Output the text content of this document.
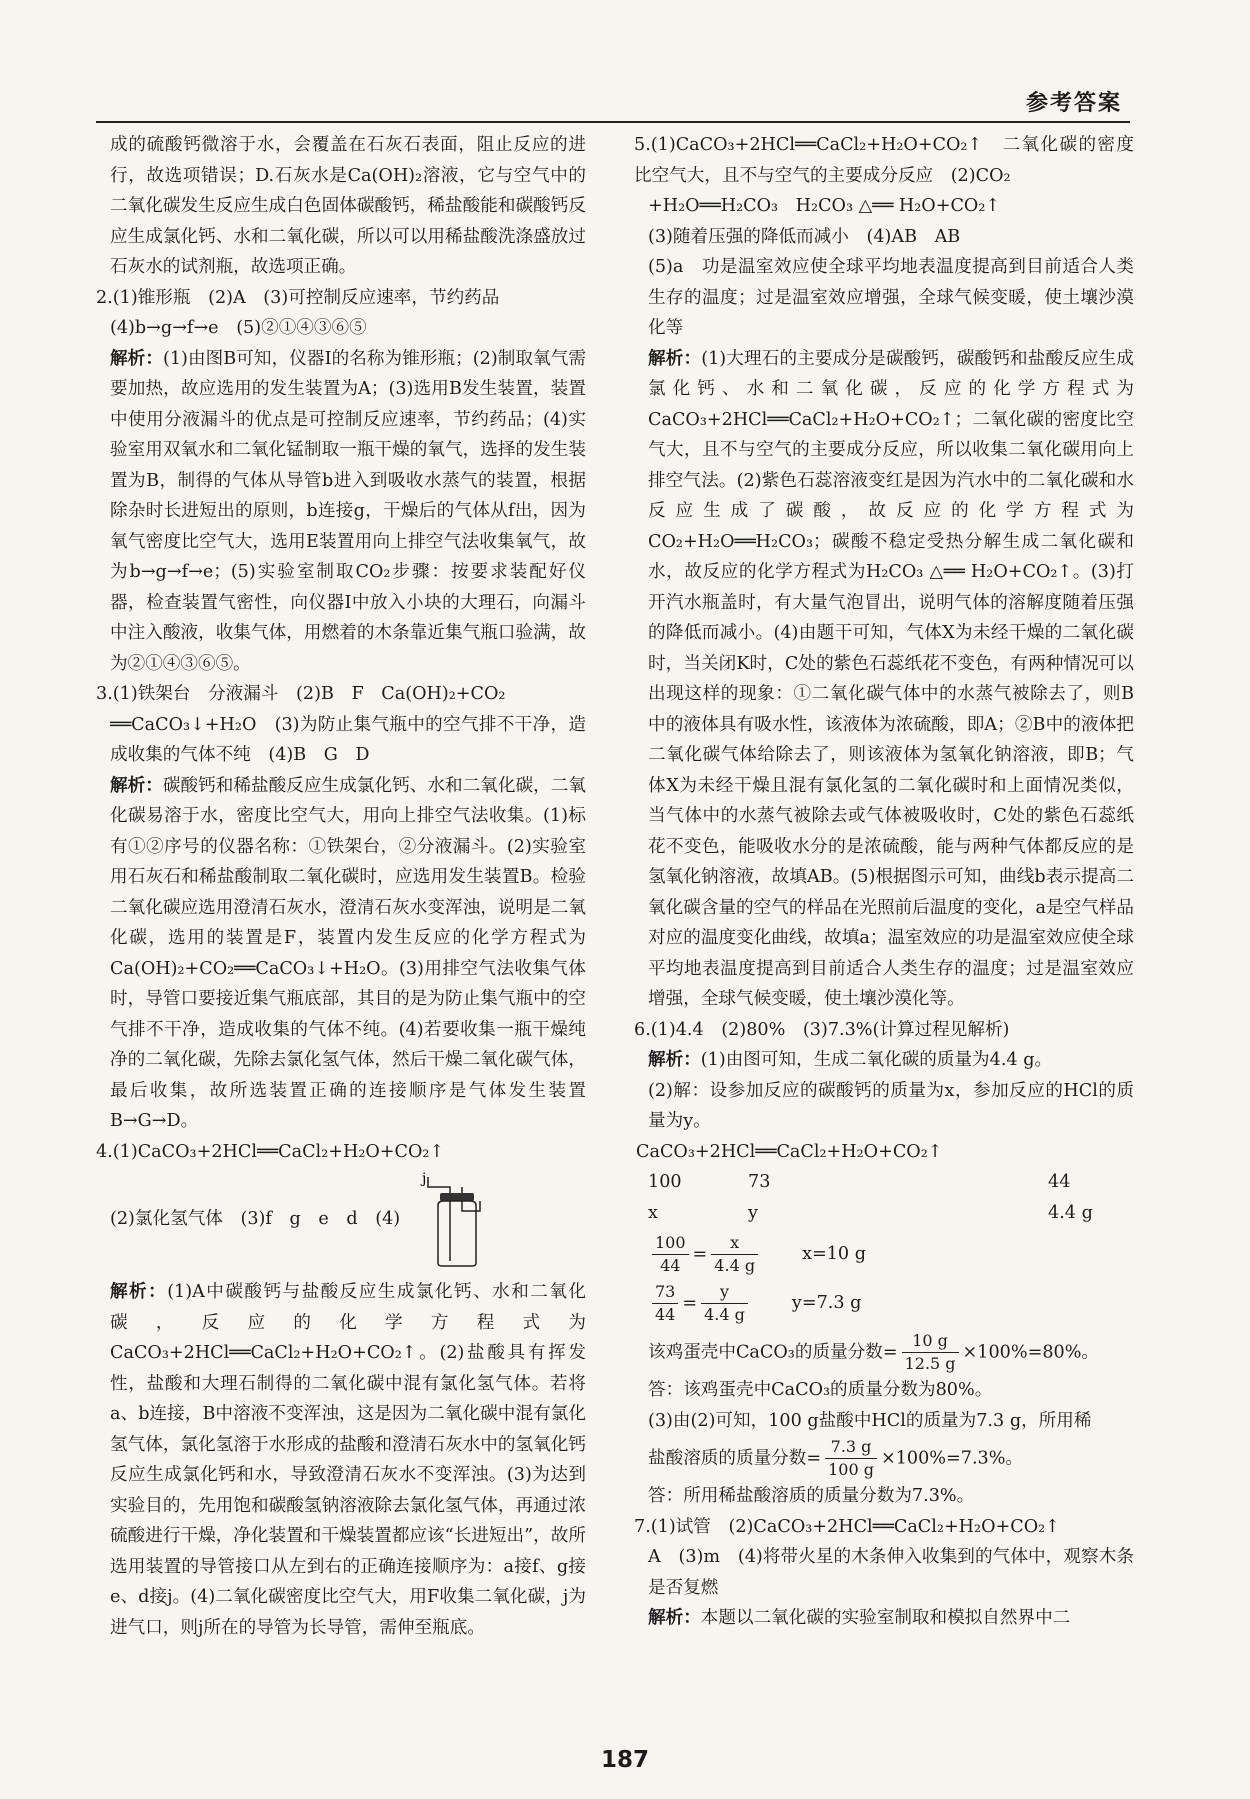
参考答案

成的硫酸钙微溶于水，会覆盖在石灰石表面，阻止反应的进行，故选项错误；D.石灰水是Ca(OH)₂溶液，它与空气中的二氧化碳发生反应生成白色固体碳酸钙，稀盐酸能和碳酸钙反应生成氯化钙、水和二氧化碳，所以可以用稀盐酸洗涤盛放过石灰水的试剂瓶，故选项正确。

2.(1)锥形瓶　(2)A　(3)可控制反应速率，节约药品

(4)b→g→f→e　(5)②①④③⑥⑤

解析：(1)由图B可知，仪器Ⅰ的名称为锥形瓶；(2)制取氧气需要加热，故应选用的发生装置为A；(3)选用B发生装置，装置中使用分液漏斗的优点是可控制反应速率，节约药品；(4)实验室用双氧水和二氧化锰制取一瓶干燥的氧气，选择的发生装置为B，制得的气体从导管b进入到吸收水蒸气的装置，根据除杂时长进短出的原则，b连接g，干燥后的气体从f出，因为氧气密度比空气大，选用E装置用向上排空气法收集氧气，故为b→g→f→e；(5)实验室制取CO₂步骤：按要求装配好仪器，检查装置气密性，向仪器Ⅰ中放入小块的大理石，向漏斗中注入酸液，收集气体，用燃着的木条靠近集气瓶口验满，故为②①④③⑥⑤。

3.(1)铁架台　分液漏斗　(2)B　F　Ca(OH)₂+CO₂

══CaCO₃↓+H₂O　(3)为防止集气瓶中的空气排不干净，造成收集的气体不纯　(4)B　G　D

解析：碳酸钙和稀盐酸反应生成氯化钙、水和二氧化碳，二氧化碳易溶于水，密度比空气大，用向上排空气法收集。(1)标有①②序号的仪器名称：①铁架台，②分液漏斗。(2)实验室用石灰石和稀盐酸制取二氧化碳时，应选用发生装置B。检验二氧化碳应选用澄清石灰水，澄清石灰水变浑浊，说明是二氧化碳，选用的装置是F，装置内发生反应的化学方程式为Ca(OH)₂+CO₂══CaCO₃↓+H₂O。(3)用排空气法收集气体时，导管口要接近集气瓶底部，其目的是为防止集气瓶中的空气排不干净，造成收集的气体不纯。(4)若要收集一瓶干燥纯净的二氧化碳，先除去氯化氢气体，然后干燥二氧化碳气体，最后收集，故所选装置正确的连接顺序是气体发生装置B→G→D。

4.(1)CaCO₃+2HCl══CaCl₂+H₂O+CO₂↑

(2)氯化氢气体　(3)f　g　e　d　(4)
j

解析：(1)A中碳酸钙与盐酸反应生成氯化钙、水和二氧化碳，反应的化学方程式为CaCO₃+2HCl══CaCl₂+H₂O+CO₂↑。(2)盐酸具有挥发性，盐酸和大理石制得的二氧化碳中混有氯化氢气体。若将a、b连接，B中溶液不变浑浊，这是因为二氧化碳中混有氯化氢气体，氯化氢溶于水形成的盐酸和澄清石灰水中的氢氧化钙反应生成氯化钙和水，导致澄清石灰水不变浑浊。(3)为达到实验目的，先用饱和碳酸氢钠溶液除去氯化氢气体，再通过浓硫酸进行干燥，净化装置和干燥装置都应该“长进短出”，故所选用装置的导管接口从左到右的正确连接顺序为：a接f、g接e、d接j。(4)二氧化碳密度比空气大，用F收集二氧化碳，j为进气口，则j所在的导管为长导管，需伸至瓶底。

5.(1)CaCO₃+2HCl══CaCl₂+H₂O+CO₂↑　二氧化碳的密度比空气大，且不与空气的主要成分反应　(2)CO₂

+H₂O══H₂CO₃　H₂CO₃ △══ H₂O+CO₂↑

(3)随着压强的降低而减小　(4)AB　AB

(5)a　功是温室效应使全球平均地表温度提高到目前适合人类生存的温度；过是温室效应增强，全球气候变暖，使土壤沙漠化等

解析：(1)大理石的主要成分是碳酸钙，碳酸钙和盐酸反应生成氯化钙、水和二氧化碳，反应的化学方程式为CaCO₃+2HCl══CaCl₂+H₂O+CO₂↑；二氧化碳的密度比空气大，且不与空气的主要成分反应，所以收集二氧化碳用向上排空气法。(2)紫色石蕊溶液变红是因为汽水中的二氧化碳和水反应生成了碳酸，故反应的化学方程式为CO₂+H₂O══H₂CO₃；碳酸不稳定受热分解生成二氧化碳和水，故反应的化学方程式为H₂CO₃ △══ H₂O+CO₂↑。(3)打开汽水瓶盖时，有大量气泡冒出，说明气体的溶解度随着压强的降低而减小。(4)由题干可知，气体X为未经干燥的二氧化碳时，当关闭K时，C处的紫色石蕊纸花不变色，有两种情况可以出现这样的现象：①二氧化碳气体中的水蒸气被除去了，则B中的液体具有吸水性，该液体为浓硫酸，即A；②B中的液体把二氧化碳气体给除去了，则该液体为氢氧化钠溶液，即B；气体X为未经干燥且混有氯化氢的二氧化碳时和上面情况类似，当气体中的水蒸气被除去或气体被吸收时，C处的紫色石蕊纸花不变色，能吸收水分的是浓硫酸，能与两种气体都反应的是氢氧化钠溶液，故填AB。(5)根据图示可知，曲线b表示提高二氧化碳含量的空气的样品在光照前后温度的变化，a是空气样品对应的温度变化曲线，故填a；温室效应的功是温室效应使全球平均地表温度提高到目前适合人类生存的温度；过是温室效应增强，全球气候变暖，使土壤沙漠化等。

6.(1)4.4　(2)80%　(3)7.3%(计算过程见解析)

解析：(1)由图可知，生成二氧化碳的质量为4.4 g。

(2)解：设参加反应的碳酸钙的质量为x，参加反应的HCl的质量为y。

CaCO₃+2HCl══CaCl₂+H₂O+CO₂↑

100	73	44
x	y	4.4 g
$\frac{100}{44} = \frac{x}{4.4 g}$	x=10 g
$\frac{73}{44} = \frac{y}{4.4 g}$	y=7.3 g

该鸡蛋壳中CaCO₃的质量分数= $\frac{10 g}{12.5 g} \times 100\%=80\%$。

答：该鸡蛋壳中CaCO₃的质量分数为80%。

(3)由(2)可知，100 g盐酸中HCl的质量为7.3 g，所用稀

盐酸溶质的质量分数= $\frac{7.3 g}{100 g} \times 100\%=7.3\%$。

答：所用稀盐酸溶质的质量分数为7.3%。

7.(1)试管　(2)CaCO₃+2HCl══CaCl₂+H₂O+CO₂↑

A　(3)m　(4)将带火星的木条伸入收集到的气体中，观察木条是否复燃

解析：本题以二氧化碳的实验室制取和模拟自然界中二

187
